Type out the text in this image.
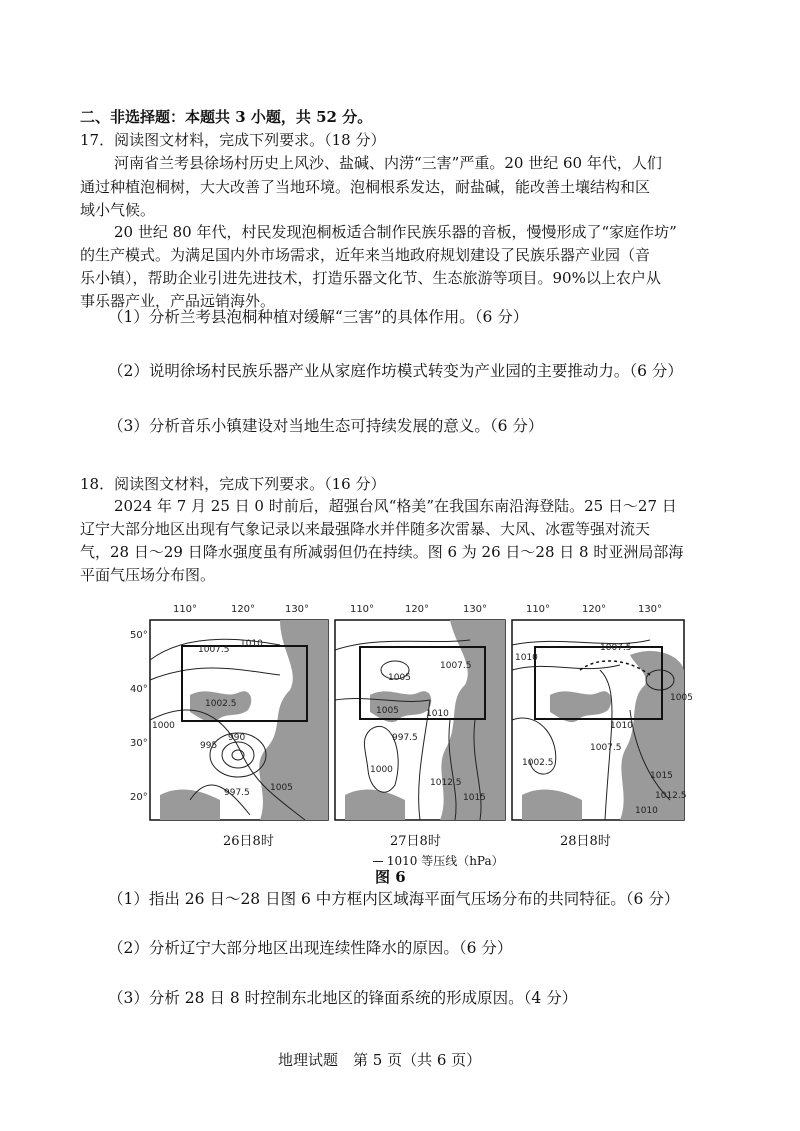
二、非选择题：本题共 3 小题，共 52 分。
17．阅读图文材料，完成下列要求。（18 分）
河南省兰考县徐场村历史上风沙、盐碱、内涝“三害”严重。20 世纪 60 年代，人们
通过种植泡桐树，大大改善了当地环境。泡桐根系发达，耐盐碱，能改善土壤结构和区
域小气候。
20 世纪 80 年代，村民发现泡桐板适合制作民族乐器的音板，慢慢形成了“家庭作坊”
的生产模式。为满足国内外市场需求，近年来当地政府规划建设了民族乐器产业园（音
乐小镇），帮助企业引进先进技术，打造乐器文化节、生态旅游等项目。90%以上农户从
事乐器产业，产品远销海外。
（1）分析兰考县泡桐种植对缓解“三害”的具体作用。（6 分）
（2）说明徐场村民族乐器产业从家庭作坊模式转变为产业园的主要推动力。（6 分）
（3）分析音乐小镇建设对当地生态可持续发展的意义。（6 分）
18．阅读图文材料，完成下列要求。（16 分）
2024 年 7 月 25 日 0 时前后，超强台风“格美”在我国东南沿海登陆。25 日～27 日
辽宁大部分地区出现有气象记录以来最强降水并伴随多次雷暴、大风、冰雹等强对流天
气，28 日～29 日降水强度虽有所减弱但仍在持续。图 6 为 26 日～28 日 8 时亚洲局部海
平面气压场分布图。
110°	120°	130°	110°	120°	130°	110°	120°	130°
50°
40°
30°
20°
1007.5
1010
1002.5
1000
995
990
997.5 1005
1005
1007.5
1005	1010
997.5
1000
1012.5
1015
1010
1007.5
1005
1002.5
1007.5
1010
1015
1012.5
1010
26日8时	27日8时	28日8时
1010 等压线（hPa）
图 6
（1）指出 26 日～28 日图 6 中方框内区域海平面气压场分布的共同特征。（6 分）
（2）分析辽宁大部分地区出现连续性降水的原因。（6 分）
（3）分析 28 日 8 时控制东北地区的锋面系统的形成原因。（4 分）
地理试题　第 5 页（共 6 页）
